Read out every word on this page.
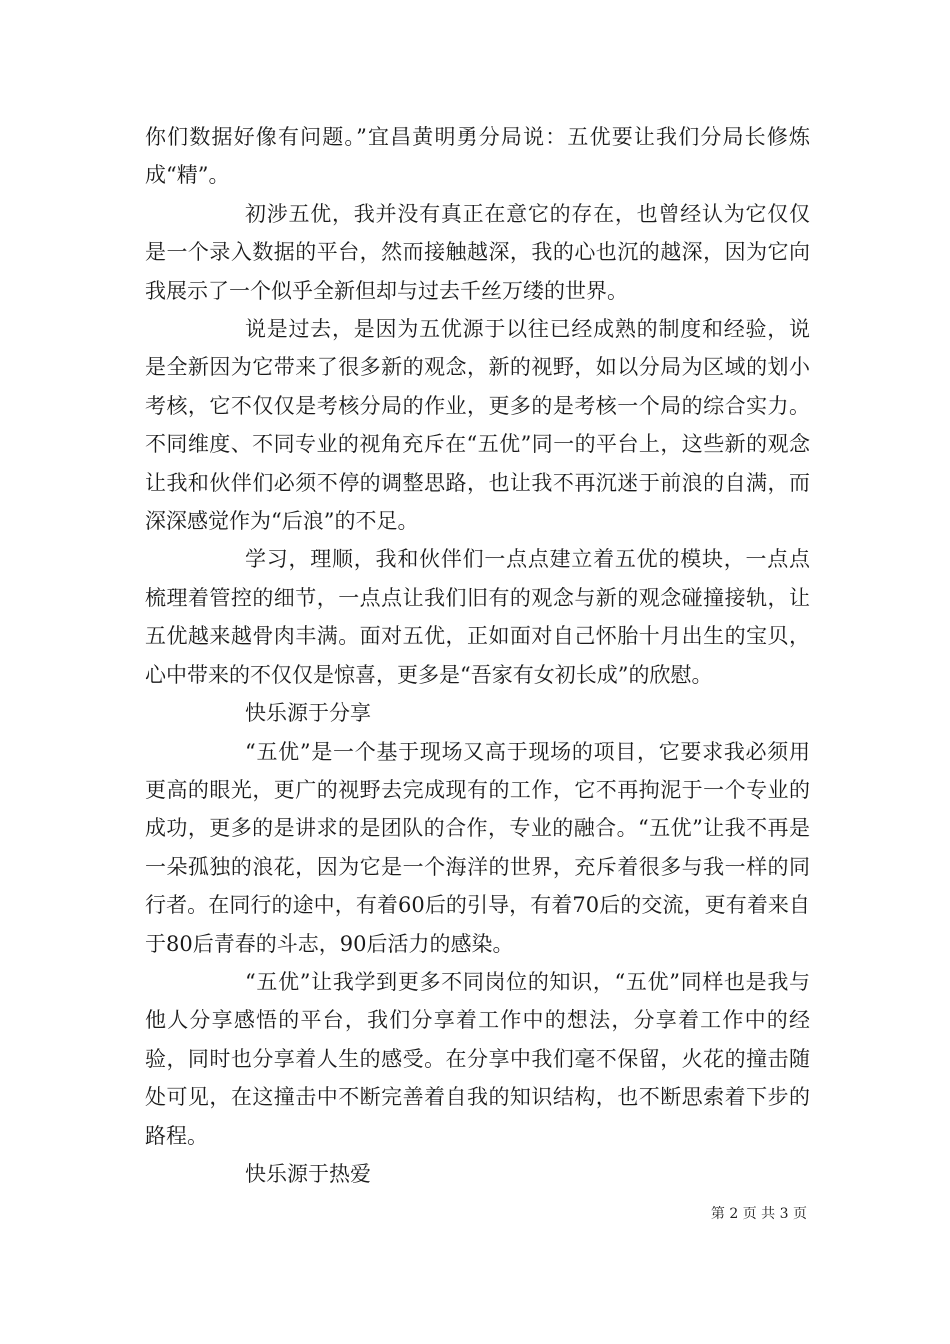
你们数据好像有问题。”宜昌黄明勇分局说：五优要让我们分局长修炼成“精”。

初涉五优，我并没有真正在意它的存在，也曾经认为它仅仅是一个录入数据的平台，然而接触越深，我的心也沉的越深，因为它向我展示了一个似乎全新但却与过去千丝万缕的世界。

说是过去，是因为五优源于以往已经成熟的制度和经验，说是全新因为它带来了很多新的观念，新的视野，如以分局为区域的划小考核，它不仅仅是考核分局的作业，更多的是考核一个局的综合实力。不同维度、不同专业的视角充斥在“五优”同一的平台上，这些新的观念让我和伙伴们必须不停的调整思路，也让我不再沉迷于前浪的自满，而深深感觉作为“后浪”的不足。

学习，理顺，我和伙伴们一点点建立着五优的模块，一点点梳理着管控的细节，一点点让我们旧有的观念与新的观念碰撞接轨，让五优越来越骨肉丰满。面对五优，正如面对自己怀胎十月出生的宝贝，心中带来的不仅仅是惊喜，更多是“吾家有女初长成”的欣慰。

快乐源于分享

“五优”是一个基于现场又高于现场的项目，它要求我必须用更高的眼光，更广的视野去完成现有的工作，它不再拘泥于一个专业的成功，更多的是讲求的是团队的合作，专业的融合。“五优”让我不再是一朵孤独的浪花，因为它是一个海洋的世界，充斥着很多与我一样的同行者。在同行的途中，有着60后的引导，有着70后的交流，更有着来自于80后青春的斗志，90后活力的感染。

“五优”让我学到更多不同岗位的知识，“五优”同样也是我与他人分享感悟的平台，我们分享着工作中的想法，分享着工作中的经验，同时也分享着人生的感受。在分享中我们毫不保留，火花的撞击随处可见，在这撞击中不断完善着自我的知识结构，也不断思索着下步的路程。

快乐源于热爱

第 2 页 共 3 页
